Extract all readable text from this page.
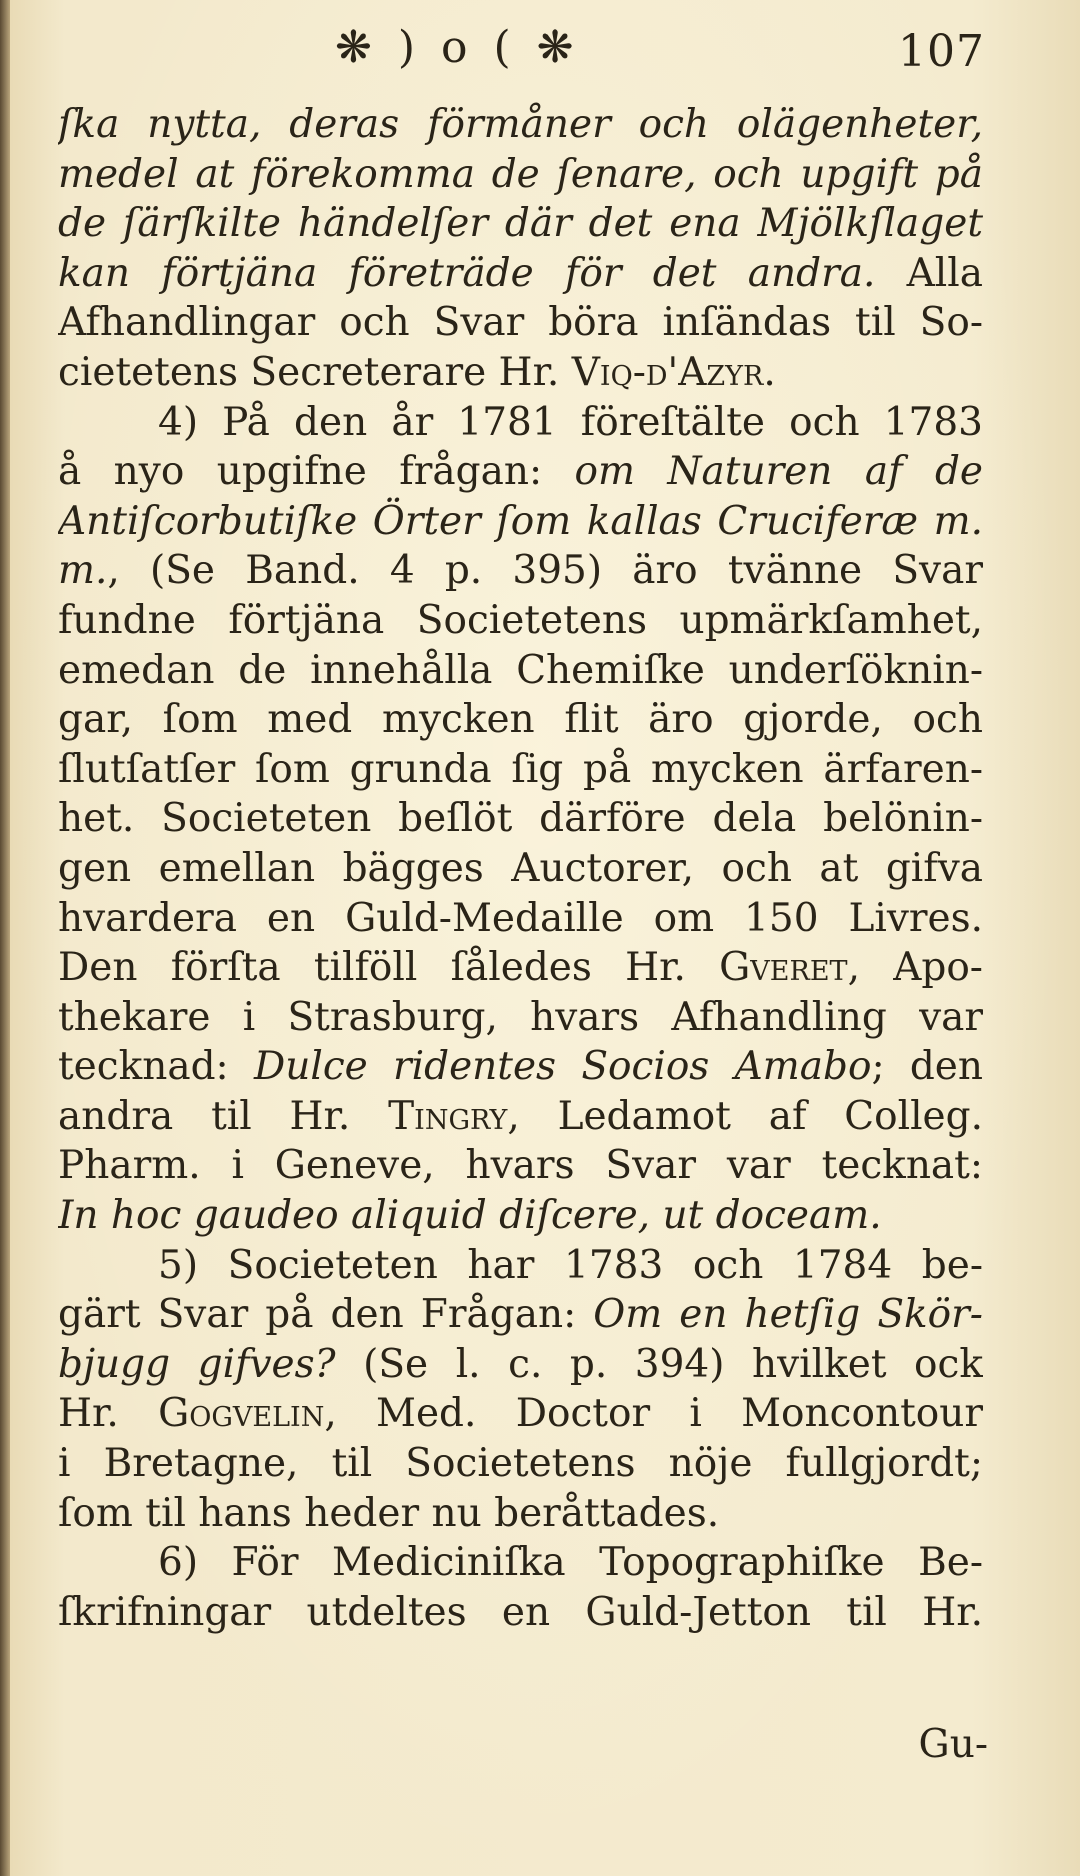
❋ ) o ( ❋	107
ſka nytta, deras förmåner och olägenheter,
medel at förekomma de ſenare, och upgift på
de ſärſkilte händelſer där det ena Mjölkſlaget
kan förtjäna företräde för det andra. Alla
Afhandlingar och Svar böra inſändas til So-
cietetens Secreterare Hr. Viq-d'Azyr.
4) På den år 1781 föreſtälte och 1783
å nyo upgifne frågan: om Naturen af de
Antiſcorbutiſke Örter ſom kallas Cruciferæ m.
m., (Se Band. 4 p. 395) äro tvänne Svar
fundne förtjäna Societetens upmärkſamhet,
emedan de innehålla Chemiſke underſöknin-
gar, ſom med mycken flit äro gjorde, och
ſlutſatſer ſom grunda ſig på mycken ärfaren-
het. Societeten beſlöt därföre dela belönin-
gen emellan bägges Auctorer, och at gifva
hvardera en Guld-Medaille om 150 Livres.
Den förſta tilföll ſåledes Hr. Gveret, Apo-
thekare i Strasburg, hvars Afhandling var
tecknad: Dulce ridentes Socios Amabo; den
andra til Hr. Tingry, Ledamot af Colleg.
Pharm. i Geneve, hvars Svar var tecknat:
In hoc gaudeo aliquid diſcere, ut doceam.
5) Societeten har 1783 och 1784 be-
gärt Svar på den Frågan: Om en hetſig Skör-
bjugg gifves? (Se l. c. p. 394) hvilket ock
Hr. Gogvelin, Med. Doctor i Moncontour
i Bretagne, til Societetens nöje fullgjordt;
ſom til hans heder nu beråttades.
6) För Mediciniſka Topographiſke Be-
ſkrifningar utdeltes en Guld-Jetton til Hr.
Gu-
